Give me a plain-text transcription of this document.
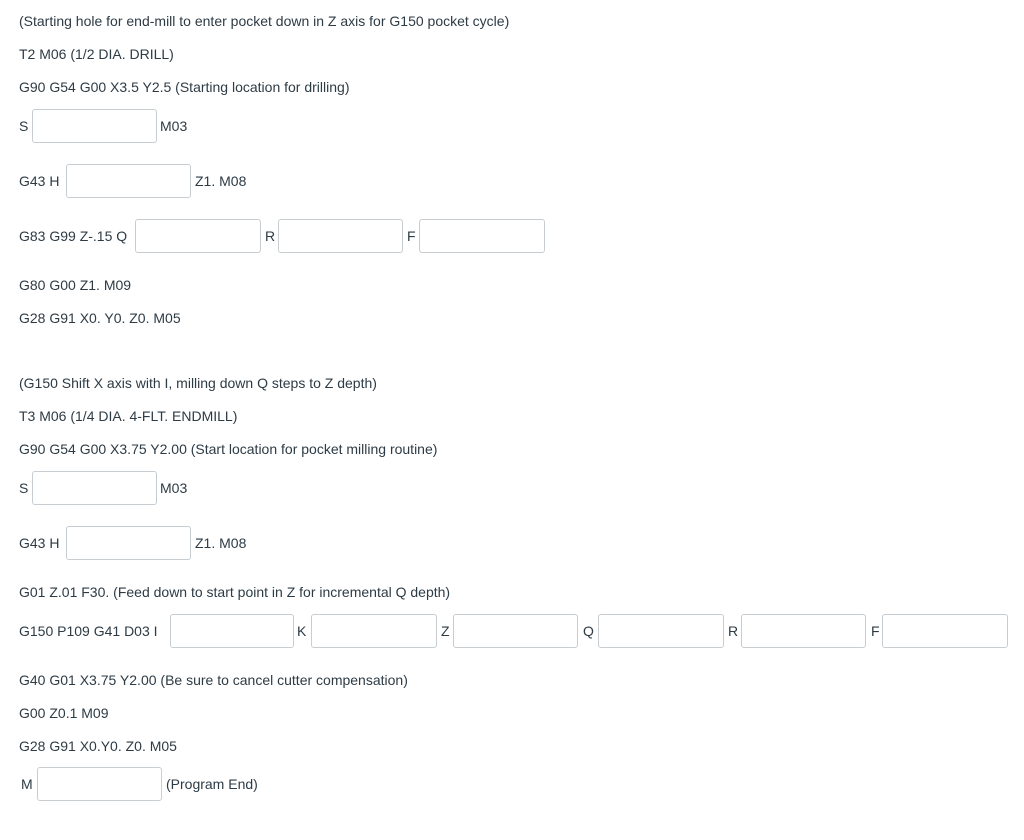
(Starting hole for end-mill to enter pocket down in Z axis for G150 pocket cycle)
T2 M06 (1/2 DIA. DRILL)
G90 G54 G00 X3.5 Y2.5 (Starting location for drilling)
S	M03
G43 H	Z1. M08
G83 G99 Z-.15 Q	R	F
G80 G00 Z1. M09
G28 G91 X0. Y0. Z0. M05
(G150 Shift X axis with I, milling down Q steps to Z depth)
T3 M06 (1/4 DIA. 4-FLT. ENDMILL)
G90 G54 G00 X3.75 Y2.00 (Start location for pocket milling routine)
S	M03
G43 H	Z1. M08
G01 Z.01 F30. (Feed down to start point in Z for incremental Q depth)
G150 P109 G41 D03 I	K	Z	Q	R	F
G40 G01 X3.75 Y2.00 (Be sure to cancel cutter compensation)
G00 Z0.1 M09
G28 G91 X0.Y0. Z0. M05
M	(Program End)
